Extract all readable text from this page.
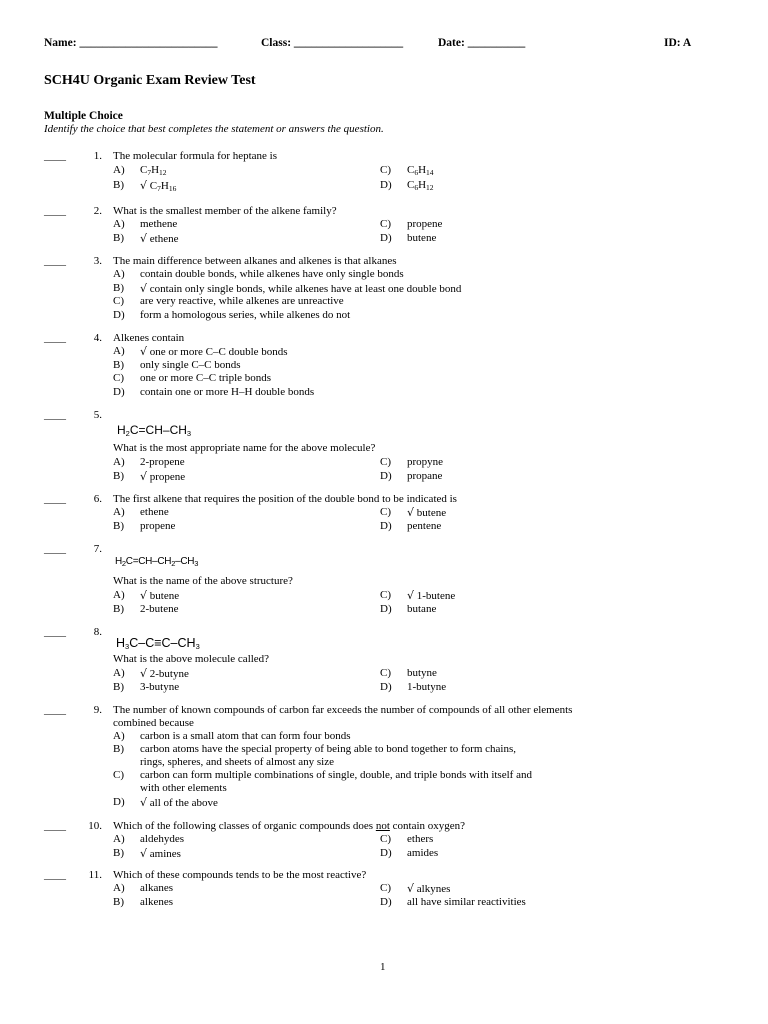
Name: ________________________	Class: ___________________	Date: __________	ID: A
SCH4U Organic Exam Review Test
Multiple Choice
Identify the choice that best completes the statement or answers the question.
____	1. The molecular formula for heptane is
A) $C_7H_{12}$
B) √ $C_7H_{16}$
C) $C_6H_{14}$
D) $C_6H_{12}$
____	2. What is the smallest member of the alkene family?
A) methene
B) √ ethene
C) propene
D) butene
____	3. The main difference between alkanes and alkenes is that alkanes
A) contain double bonds, while alkenes have only single bonds
B) √ contain only single bonds, while alkenes have at least one double bond
C) are very reactive, while alkenes are unreactive
D) form a homologous series, while alkenes do not
____	4. Alkenes contain
A) √ one or more C–C double bonds
B) only single C–C bonds
C) one or more C–C triple bonds
D) contain one or more H–H double bonds
____	5.
$H_2C=CH-CH_3$
What is the most appropriate name for the above molecule?
A) 2-propene
B) √ propene
C) propyne
D) propane
____	6. The first alkene that requires the position of the double bond to be indicated is
A) ethene
B) propene
C) √ butene
D) pentene
____	7.
$H_2C=CH-CH_2-CH_3$
What is the name of the above structure?
A) √ butene
B) 2-butene
C) √ 1-butene
D) butane
____	8.
$H_3C-C\equiv C-CH_3$
What is the above molecule called?
A) √ 2-butyne
B) 3-butyne
C) butyne
D) 1-butyne
____	9. The number of known compounds of carbon far exceeds the number of compounds of all other elements
combined because
A) carbon is a small atom that can form four bonds
B) carbon atoms have the special property of being able to bond together to form chains,
rings, spheres, and sheets of almost any size
C) carbon can form multiple combinations of single, double, and triple bonds with itself and
with other elements
D) √ all of the above
____	10. Which of the following classes of organic compounds does not contain oxygen?
A) aldehydes
B) √ amines
C) ethers
D) amides
____	11. Which of these compounds tends to be the most reactive?
A) alkanes
B) alkenes
C) √ alkynes
D) all have similar reactivities
1
